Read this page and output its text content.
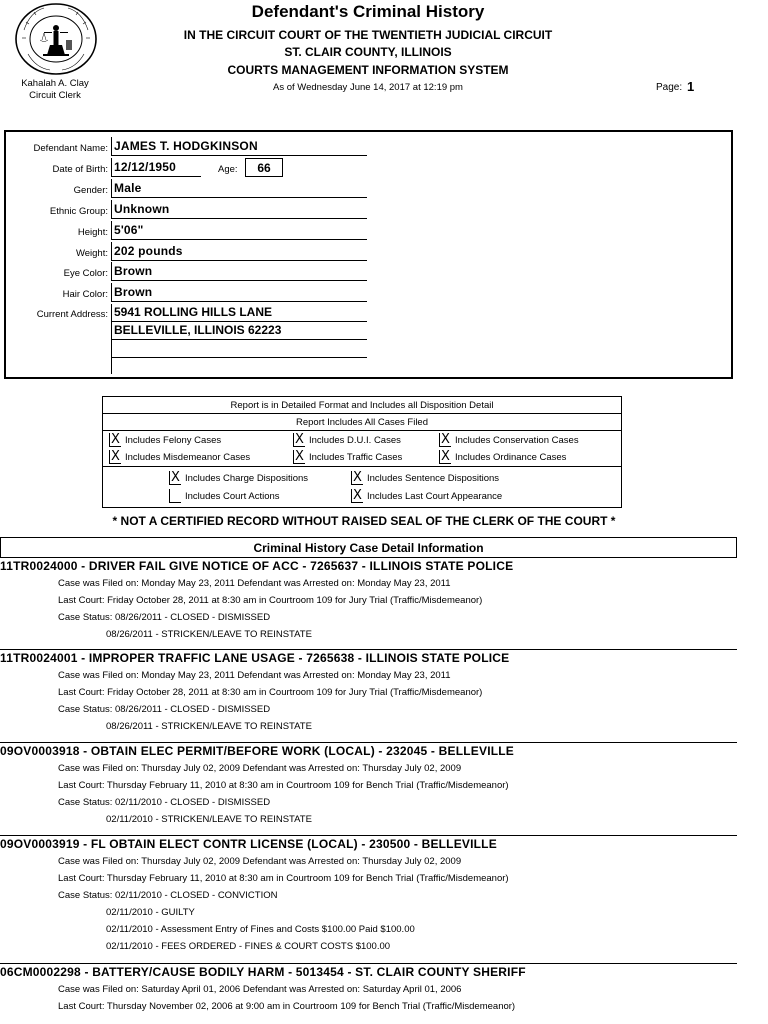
Kahalah A. Clay
Circuit Clerk
Defendant's Criminal History
IN THE CIRCUIT COURT OF THE TWENTIETH JUDICIAL CIRCUIT
ST. CLAIR COUNTY, ILLINOIS
COURTS MANAGEMENT INFORMATION SYSTEM
As of Wednesday June 14, 2017 at 12:19 pm	Page: 1
Defendant Name: JAMES T. HODGKINSON
Date of Birth: 12/12/1950	Age:	66
Gender: Male
Ethnic Group: Unknown
Height: 5'06"
Weight: 202 pounds
Eye Color: Brown
Hair Color: Brown
Current Address: 5941 ROLLING HILLS LANE
BELLEVILLE, ILLINOIS 62223
Report is in Detailed Format and Includes all Disposition Detail
Report Includes All Cases Filed
X Includes Felony Cases	X Includes D.U.I. Cases	X Includes Conservation Cases
X Includes Misdemeanor Cases	X Includes Traffic Cases	X Includes Ordinance Cases
X Includes Charge Dispositions	X Includes Sentence Dispositions
Includes Court Actions	X Includes Last Court Appearance
* NOT A CERTIFIED RECORD WITHOUT RAISED SEAL OF THE CLERK OF THE COURT *
Criminal History Case Detail Information
11TR0024000 - DRIVER FAIL GIVE NOTICE OF ACC - 7265637 - ILLINOIS STATE POLICE
Case was Filed on: Monday May 23, 2011 Defendant was Arrested on: Monday May 23, 2011
Last Court: Friday October 28, 2011 at 8:30 am in Courtroom 109 for Jury Trial (Traffic/Misdemeanor)
Case Status: 08/26/2011 - CLOSED - DISMISSED
08/26/2011 - STRICKEN/LEAVE TO REINSTATE
11TR0024001 - IMPROPER TRAFFIC LANE USAGE - 7265638 - ILLINOIS STATE POLICE
Case was Filed on: Monday May 23, 2011 Defendant was Arrested on: Monday May 23, 2011
Last Court: Friday October 28, 2011 at 8:30 am in Courtroom 109 for Jury Trial (Traffic/Misdemeanor)
Case Status: 08/26/2011 - CLOSED - DISMISSED
08/26/2011 - STRICKEN/LEAVE TO REINSTATE
09OV0003918 - OBTAIN ELEC PERMIT/BEFORE WORK (LOCAL) - 232045 - BELLEVILLE
Case was Filed on: Thursday July 02, 2009 Defendant was Arrested on: Thursday July 02, 2009
Last Court: Thursday February 11, 2010 at 8:30 am in Courtroom 109 for Bench Trial (Traffic/Misdemeanor)
Case Status: 02/11/2010 - CLOSED - DISMISSED
02/11/2010 - STRICKEN/LEAVE TO REINSTATE
09OV0003919 - FL OBTAIN ELECT CONTR LICENSE (LOCAL) - 230500 - BELLEVILLE
Case was Filed on: Thursday July 02, 2009 Defendant was Arrested on: Thursday July 02, 2009
Last Court: Thursday February 11, 2010 at 8:30 am in Courtroom 109 for Bench Trial (Traffic/Misdemeanor)
Case Status: 02/11/2010 - CLOSED - CONVICTION
02/11/2010 - GUILTY
02/11/2010 - Assessment Entry of Fines and Costs $100.00 Paid $100.00
02/11/2010 - FEES ORDERED - FINES & COURT COSTS $100.00
06CM0002298 - BATTERY/CAUSE BODILY HARM - 5013454 - ST. CLAIR COUNTY SHERIFF
Case was Filed on: Saturday April 01, 2006 Defendant was Arrested on: Saturday April 01, 2006
Last Court: Thursday November 02, 2006 at 9:00 am in Courtroom 109 for Bench Trial (Traffic/Misdemeanor)
